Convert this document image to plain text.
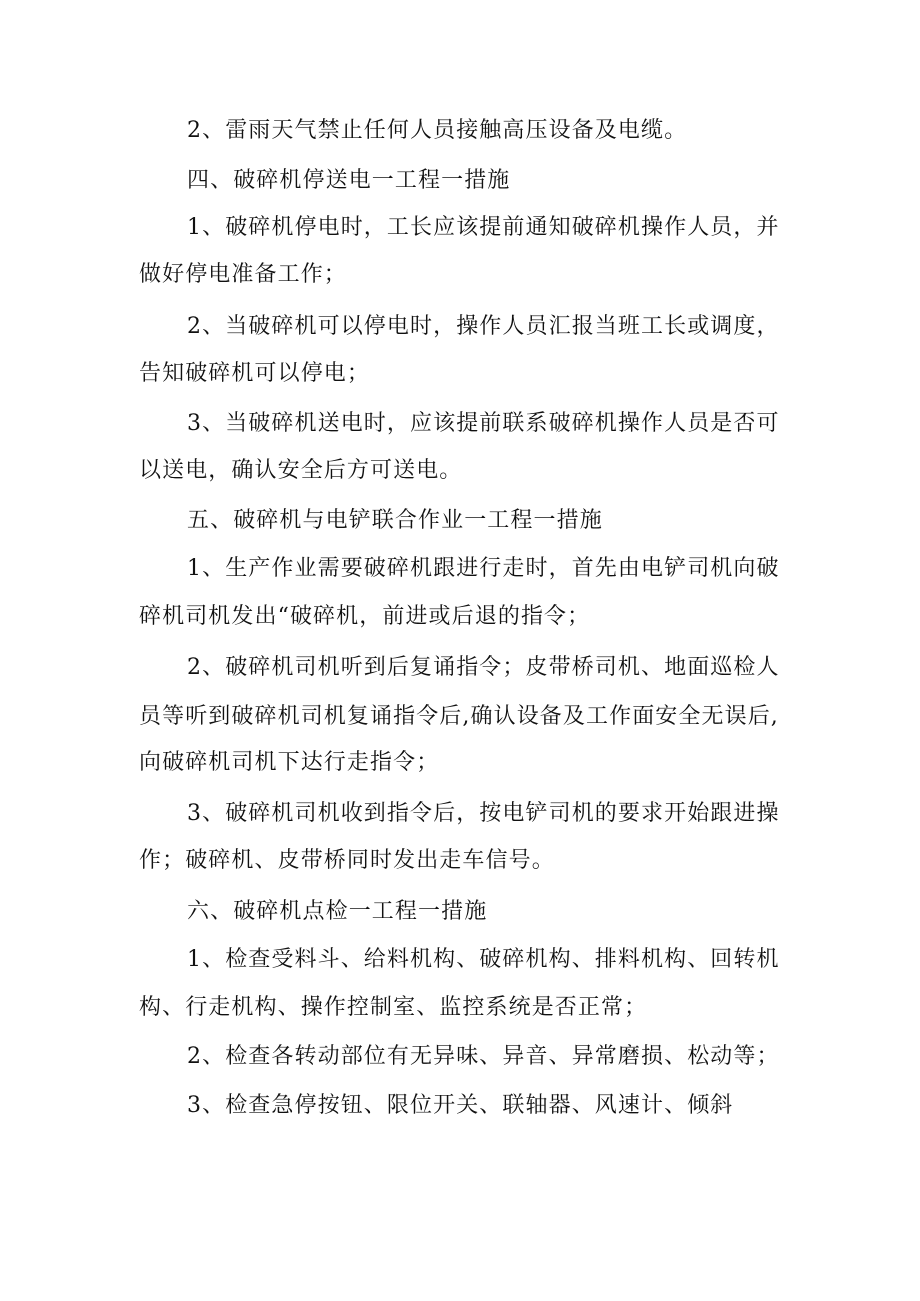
2、雷雨天气禁止任何人员接触高压设备及电缆。

四、破碎机停送电一工程一措施

1、破碎机停电时，工长应该提前通知破碎机操作人员，并

做好停电准备工作；

2、当破碎机可以停电时，操作人员汇报当班工长或调度，

告知破碎机可以停电；

3、当破碎机送电时，应该提前联系破碎机操作人员是否可

以送电，确认安全后方可送电。

五、破碎机与电铲联合作业一工程一措施

1、生产作业需要破碎机跟进行走时，首先由电铲司机向破

碎机司机发出“破碎机，前进或后退的指令；

2、破碎机司机听到后复诵指令；皮带桥司机、地面巡检人

员等听到破碎机司机复诵指令后,确认设备及工作面安全无误后,

向破碎机司机下达行走指令；

3、破碎机司机收到指令后，按电铲司机的要求开始跟进操

作；破碎机、皮带桥同时发出走车信号。

六、破碎机点检一工程一措施

1、检查受料斗、给料机构、破碎机构、排料机构、回转机

构、行走机构、操作控制室、监控系统是否正常；

2、检查各转动部位有无异味、异音、异常磨损、松动等；

3、检查急停按钮、限位开关、联轴器、风速计、倾斜
